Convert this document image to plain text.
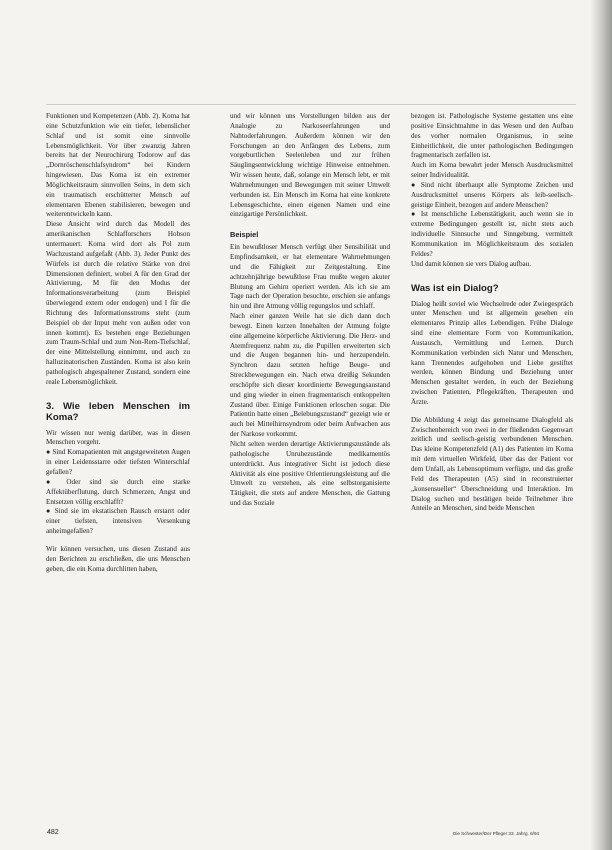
Funktionen und Kompetenzen (Abb. 2). Koma hat eine Schutzfunktion wie ein tiefer, lebenslicher Schlaf und ist somit eine sinnvolle Lebensmöglichkeit. Vor über zwanzig Jahren bereits hat der Neurochirurg Todorow auf das „Dornröschenschlafsyndrom“ bei Kindern hingewiesen. Das Koma ist ein extremer Möglichkeitsraum sinnvollen Seins, in dem sich ein traumatisch erschütterter Mensch auf elementaren Ebenen stabilisieren, bewegen und weiterentwickeln kann.

Diese Ansicht wird durch das Modell des amerikanischen Schlafforschers Hobson untermauert. Koma wird dort als Pol zum Wachzustand aufgefaßt (Abb. 3). Jeder Punkt des Würfels ist durch die relative Stärke von drei Dimensionen definiert, wobei A für den Grad der Aktivierung, M für den Modus der Informationsverarbeitung (zum Beispiel überwiegend extern oder endogen) und I für die Richtung des Informationsstroms steht (zum Beispiel ob der Input mehr von außen oder von innen kommt). Es bestehen enge Beziehungen zum Traum-Schlaf und zum Non-Rem-Tiefschlaf, der eine Mittelstellung einnimmt, und auch zu halluzinatorischen Zuständen. Koma ist also kein pathologisch abgespaltener Zustand, sondern eine reale Lebensmöglichkeit.

3. Wie leben Menschen im Koma?

Wir wissen nur wenig darüber, was in diesen Menschen vorgeht.

● Sind Komapatienten mit angstgeweiteten Augen in einer Leidensstarre oder tiefsten Winterschlaf gefallen?

● Oder sind sie durch eine starke Affektüberflutung, durch Schmerzen, Angst und Entsetzen völlig erschlafft?

● Sind sie im ekstatischen Rausch erstarrt oder einer tiefsten, intensiven Versenkung anheimgefallen?

Wir können versuchen, uns diesen Zustand aus den Berichten zu erschließen, die uns Menschen geben, die ein Koma durchlitten haben,

und wir können uns Vorstellungen bilden aus der Analogie zu Narkoseerfahrungen und Nahtoderfahrungen. Außerdem können wir den Forschungen an den Anfängen des Lebens, zum vorgeburtlichen Seelenleben und zur frühen Säuglingsentwicklung wichtige Hinweise entnehmen. Wir wissen heute, daß, solange ein Mensch lebt, er mit Wahrnehmungen und Bewegungen mit seiner Umwelt verbunden ist. Ein Mensch im Koma hat eine konkrete Lebensgeschichte, einen eigenen Namen und eine einzigartige Persönlichkeit.

Beispiel

Ein bewußtloser Mensch verfügt über Sensibilität und Empfindsamkeit, er hat elementare Wahrnehmungen und die Fähigkeit zur Zeitgestaltung. Eine achtzehnjährige bewußtlose Frau mußte wegen akuter Blutung am Gehirn operiert werden. Als ich sie am Tage nach der Operation besuchte, erschien sie anfangs hin und ihre Atmung völlig regungslos und schlaff.

Nach einer ganzen Weile hat sie dich dann doch bewegt. Einen kurzen Innehalten der Atmung folgte eine allgemeine körperliche Aktivierung. Die Herz- und Atemfrequenz nahm zu, die Pupillen erweiterten sich und die Augen begannen hin- und herzupendeln. Synchron dazu setzten heftige Beuge- und Streckbewegungen ein. Nach etwa dreißig Sekunden erschöpfte sich dieser koordinierte Bewegungsaustand und ging wieder in einen fragmentarisch entkoppelten Zustand über. Einige Funktionen erloschen sogar. Die Patientin hatte einen „Belebungszustand“ gezeigt wie er auch bei Mittelhirnsyndrom oder beim Aufwachen aus der Narkose vorkommt.

Nicht selten werden derartige Aktivierungszustände als pathologische Unruhezustände medikamentös unterdrückt. Aus integrativer Sicht ist jedoch diese Aktivität als eine positive Orientierungsleistung auf die Umwelt zu verstehen, als eine selbstorganisierte Tätigkeit, die stets auf andere Menschen, die Gattung und das Soziale

bezogen ist. Pathologische Systeme gestatten uns eine positive Einsichtnahme in das Wesen und den Aufbau des vorher normalen Organismus, in seine Einheitlichkeit, die unter pathologischen Bedingungen fragmentarisch zerfallen ist.

Auch im Koma bewahrt jeder Mensch Ausdrucksmittel seiner Individualität.

● Sind nicht überhaupt alle Symptome Zeichen und Ausdrucksmittel unseres Körpers als leib-seelisch-geistige Einheit, bezogen auf andere Menschen?

● Ist menschliche Lebenstätigkeit, auch wenn sie in extreme Bedingungen gestellt ist, nicht stets auch individuelle Sinnsuche und Sinngebung, vermittelt Kommunikation im Möglichkeitsraum des sozialen Feldes?

Und damit können sie vers Dialog aufbau.

Was ist ein Dialog?

Dialog heißt soviel wie Wechselrede oder Zwiegespräch unter Menschen und ist allgemein gesehen ein elementares Prinzip alles Lebendigen. Frühe Dialoge sind eine elementare Form von Kommunikation, Austausch, Vermittlung und Lernen. Durch Kommunikation verbinden sich Natur und Menschen, kann Trennendes aufgehoben und Liebe gestiftet werden, können Bindung und Beziehung unter Menschen gestaltet werden, in euch der Beziehung zwischen Patienten, Pflegekräften, Therapeuten und Ärzte.

Die Abbildung 4 zeigt das gemeinsame Dialogfeld als Zwischenbereich von zwei in der fließenden Gegenwart zeitlich und seelisch-geistig verbundenen Menschen. Das kleine Kompetenzfeld (A1) des Patienten im Koma mit dem virtuellen Wirkfeld, über das der Patient vor dem Unfall, als Lebensoptimum verfügte, und das große Feld des Therapeuten (A5) sind in reconstruierter „konsensueller“ Überschneidung und Interaktion. Im Dialog suchen und bestätigen beide Teilnehmer ihre Anteile an Menschen, sind beide Menschen

482	Die Schwester/Der Pfleger 33. Jahrg. 6/94
